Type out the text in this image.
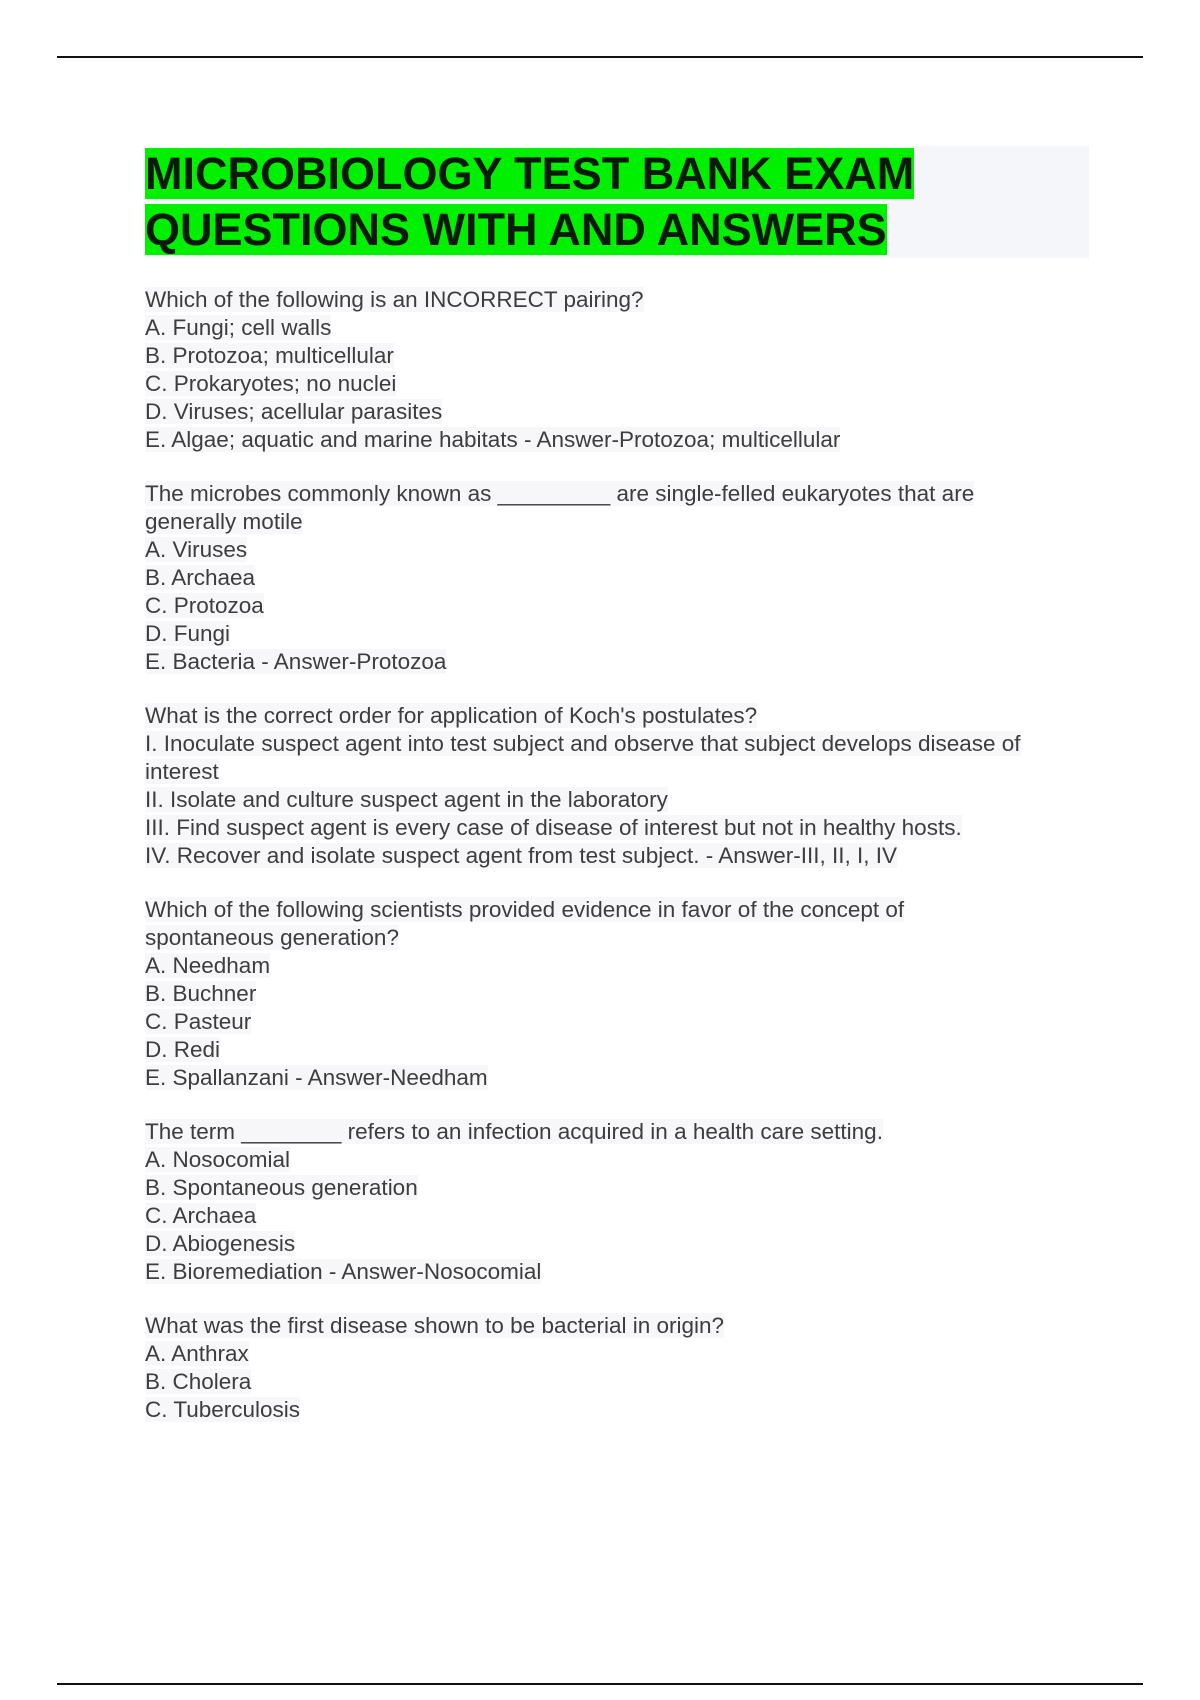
MICROBIOLOGY TEST BANK EXAM
QUESTIONS WITH AND ANSWERS
Which of the following is an INCORRECT pairing?
A. Fungi; cell walls
B. Protozoa; multicellular
C. Prokaryotes; no nuclei
D. Viruses; acellular parasites
E. Algae; aquatic and marine habitats - Answer-Protozoa; multicellular
The microbes commonly known as _________ are single-felled eukaryotes that are
generally motile
A. Viruses
B. Archaea
C. Protozoa
D. Fungi
E. Bacteria - Answer-Protozoa
What is the correct order for application of Koch's postulates?
I. Inoculate suspect agent into test subject and observe that subject develops disease of
interest
II. Isolate and culture suspect agent in the laboratory
III. Find suspect agent is every case of disease of interest but not in healthy hosts.
IV. Recover and isolate suspect agent from test subject. - Answer-III, II, I, IV
Which of the following scientists provided evidence in favor of the concept of
spontaneous generation?
A. Needham
B. Buchner
C. Pasteur
D. Redi
E. Spallanzani - Answer-Needham
The term ________ refers to an infection acquired in a health care setting.
A. Nosocomial
B. Spontaneous generation
C. Archaea
D. Abiogenesis
E. Bioremediation - Answer-Nosocomial
What was the first disease shown to be bacterial in origin?
A. Anthrax
B. Cholera
C. Tuberculosis
